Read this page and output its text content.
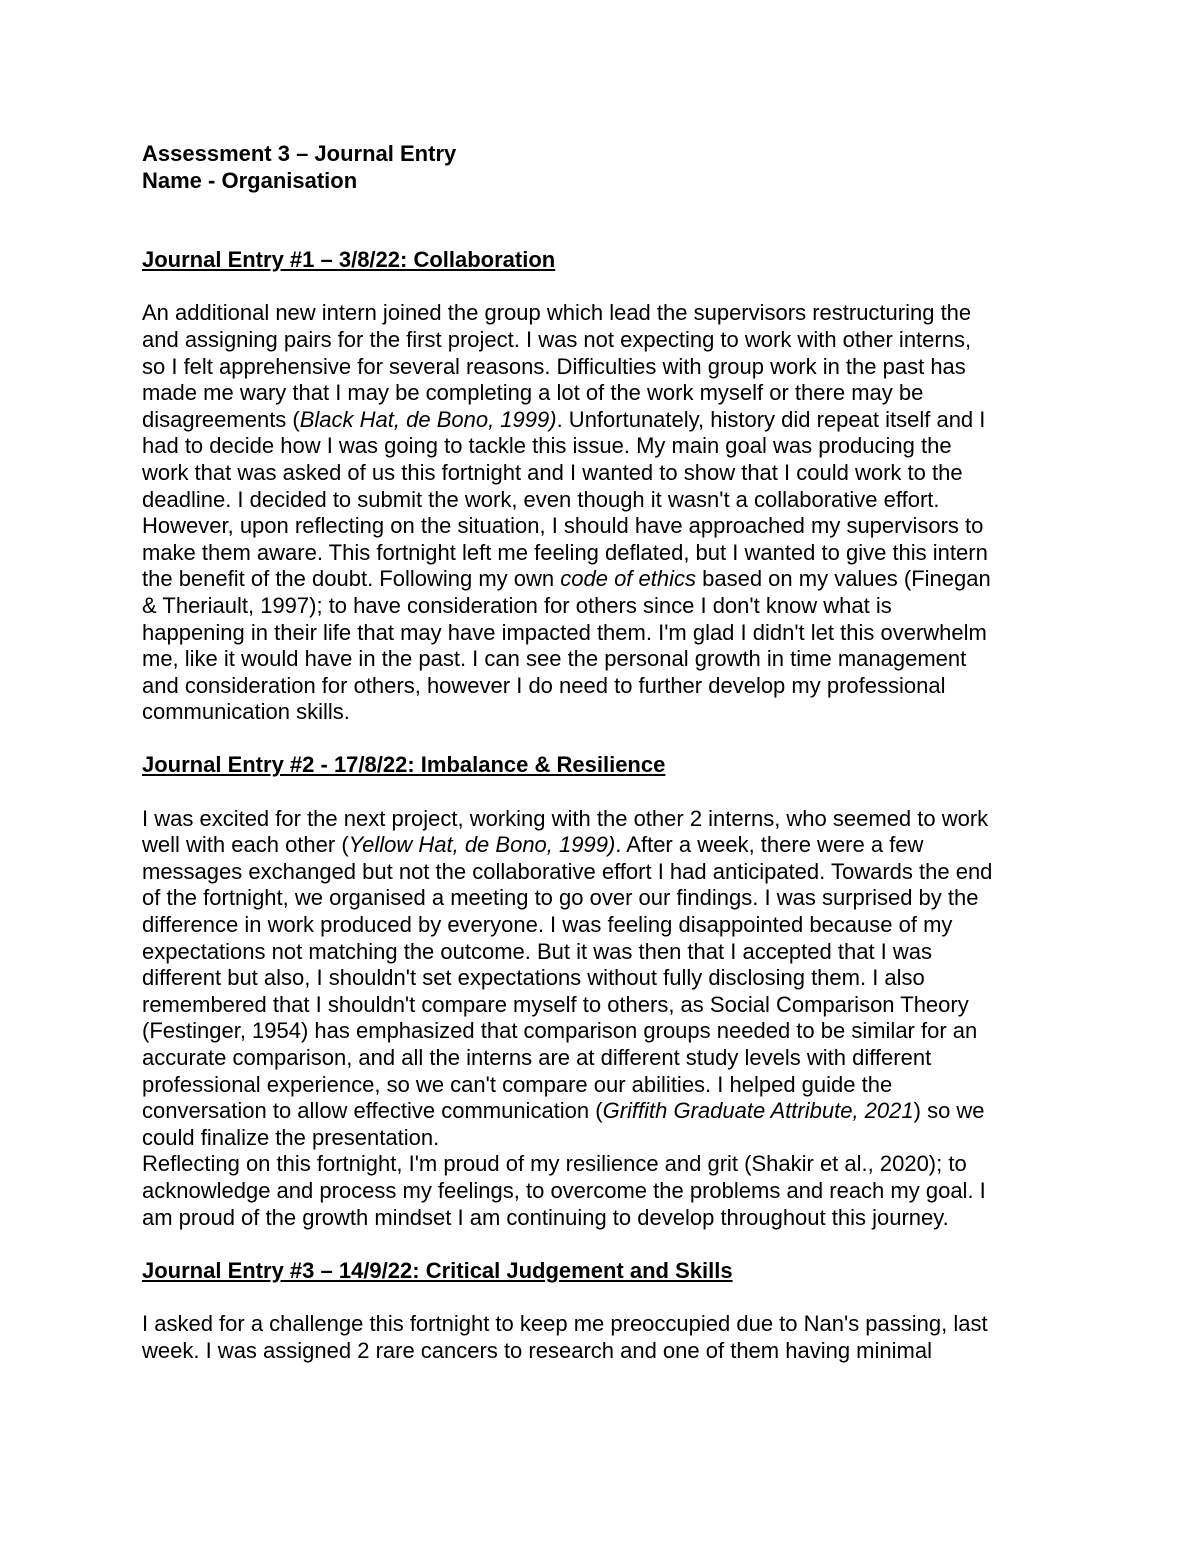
Assessment 3 – Journal Entry
Name - Organisation
Journal Entry #1 – 3/8/22: Collaboration
An additional new intern joined the group which lead the supervisors restructuring the
and assigning pairs for the first project. I was not expecting to work with other interns,
so I felt apprehensive for several reasons. Difficulties with group work in the past has
made me wary that I may be completing a lot of the work myself or there may be
disagreements (Black Hat, de Bono, 1999). Unfortunately, history did repeat itself and I
had to decide how I was going to tackle this issue. My main goal was producing the
work that was asked of us this fortnight and I wanted to show that I could work to the
deadline. I decided to submit the work, even though it wasn't a collaborative effort.
However, upon reflecting on the situation, I should have approached my supervisors to
make them aware. This fortnight left me feeling deflated, but I wanted to give this intern
the benefit of the doubt. Following my own code of ethics based on my values (Finegan
& Theriault, 1997); to have consideration for others since I don't know what is
happening in their life that may have impacted them. I'm glad I didn't let this overwhelm
me, like it would have in the past. I can see the personal growth in time management
and consideration for others, however I do need to further develop my professional
communication skills.
Journal Entry #2 - 17/8/22: Imbalance & Resilience
I was excited for the next project, working with the other 2 interns, who seemed to work
well with each other (Yellow Hat, de Bono, 1999). After a week, there were a few
messages exchanged but not the collaborative effort I had anticipated. Towards the end
of the fortnight, we organised a meeting to go over our findings. I was surprised by the
difference in work produced by everyone. I was feeling disappointed because of my
expectations not matching the outcome. But it was then that I accepted that I was
different but also, I shouldn't set expectations without fully disclosing them. I also
remembered that I shouldn't compare myself to others, as Social Comparison Theory
(Festinger, 1954) has emphasized that comparison groups needed to be similar for an
accurate comparison, and all the interns are at different study levels with different
professional experience, so we can't compare our abilities. I helped guide the
conversation to allow effective communication (Griffith Graduate Attribute, 2021) so we
could finalize the presentation.
Reflecting on this fortnight, I'm proud of my resilience and grit (Shakir et al., 2020); to
acknowledge and process my feelings, to overcome the problems and reach my goal. I
am proud of the growth mindset I am continuing to develop throughout this journey.
Journal Entry #3 – 14/9/22: Critical Judgement and Skills
I asked for a challenge this fortnight to keep me preoccupied due to Nan's passing, last
week. I was assigned 2 rare cancers to research and one of them having minimal
